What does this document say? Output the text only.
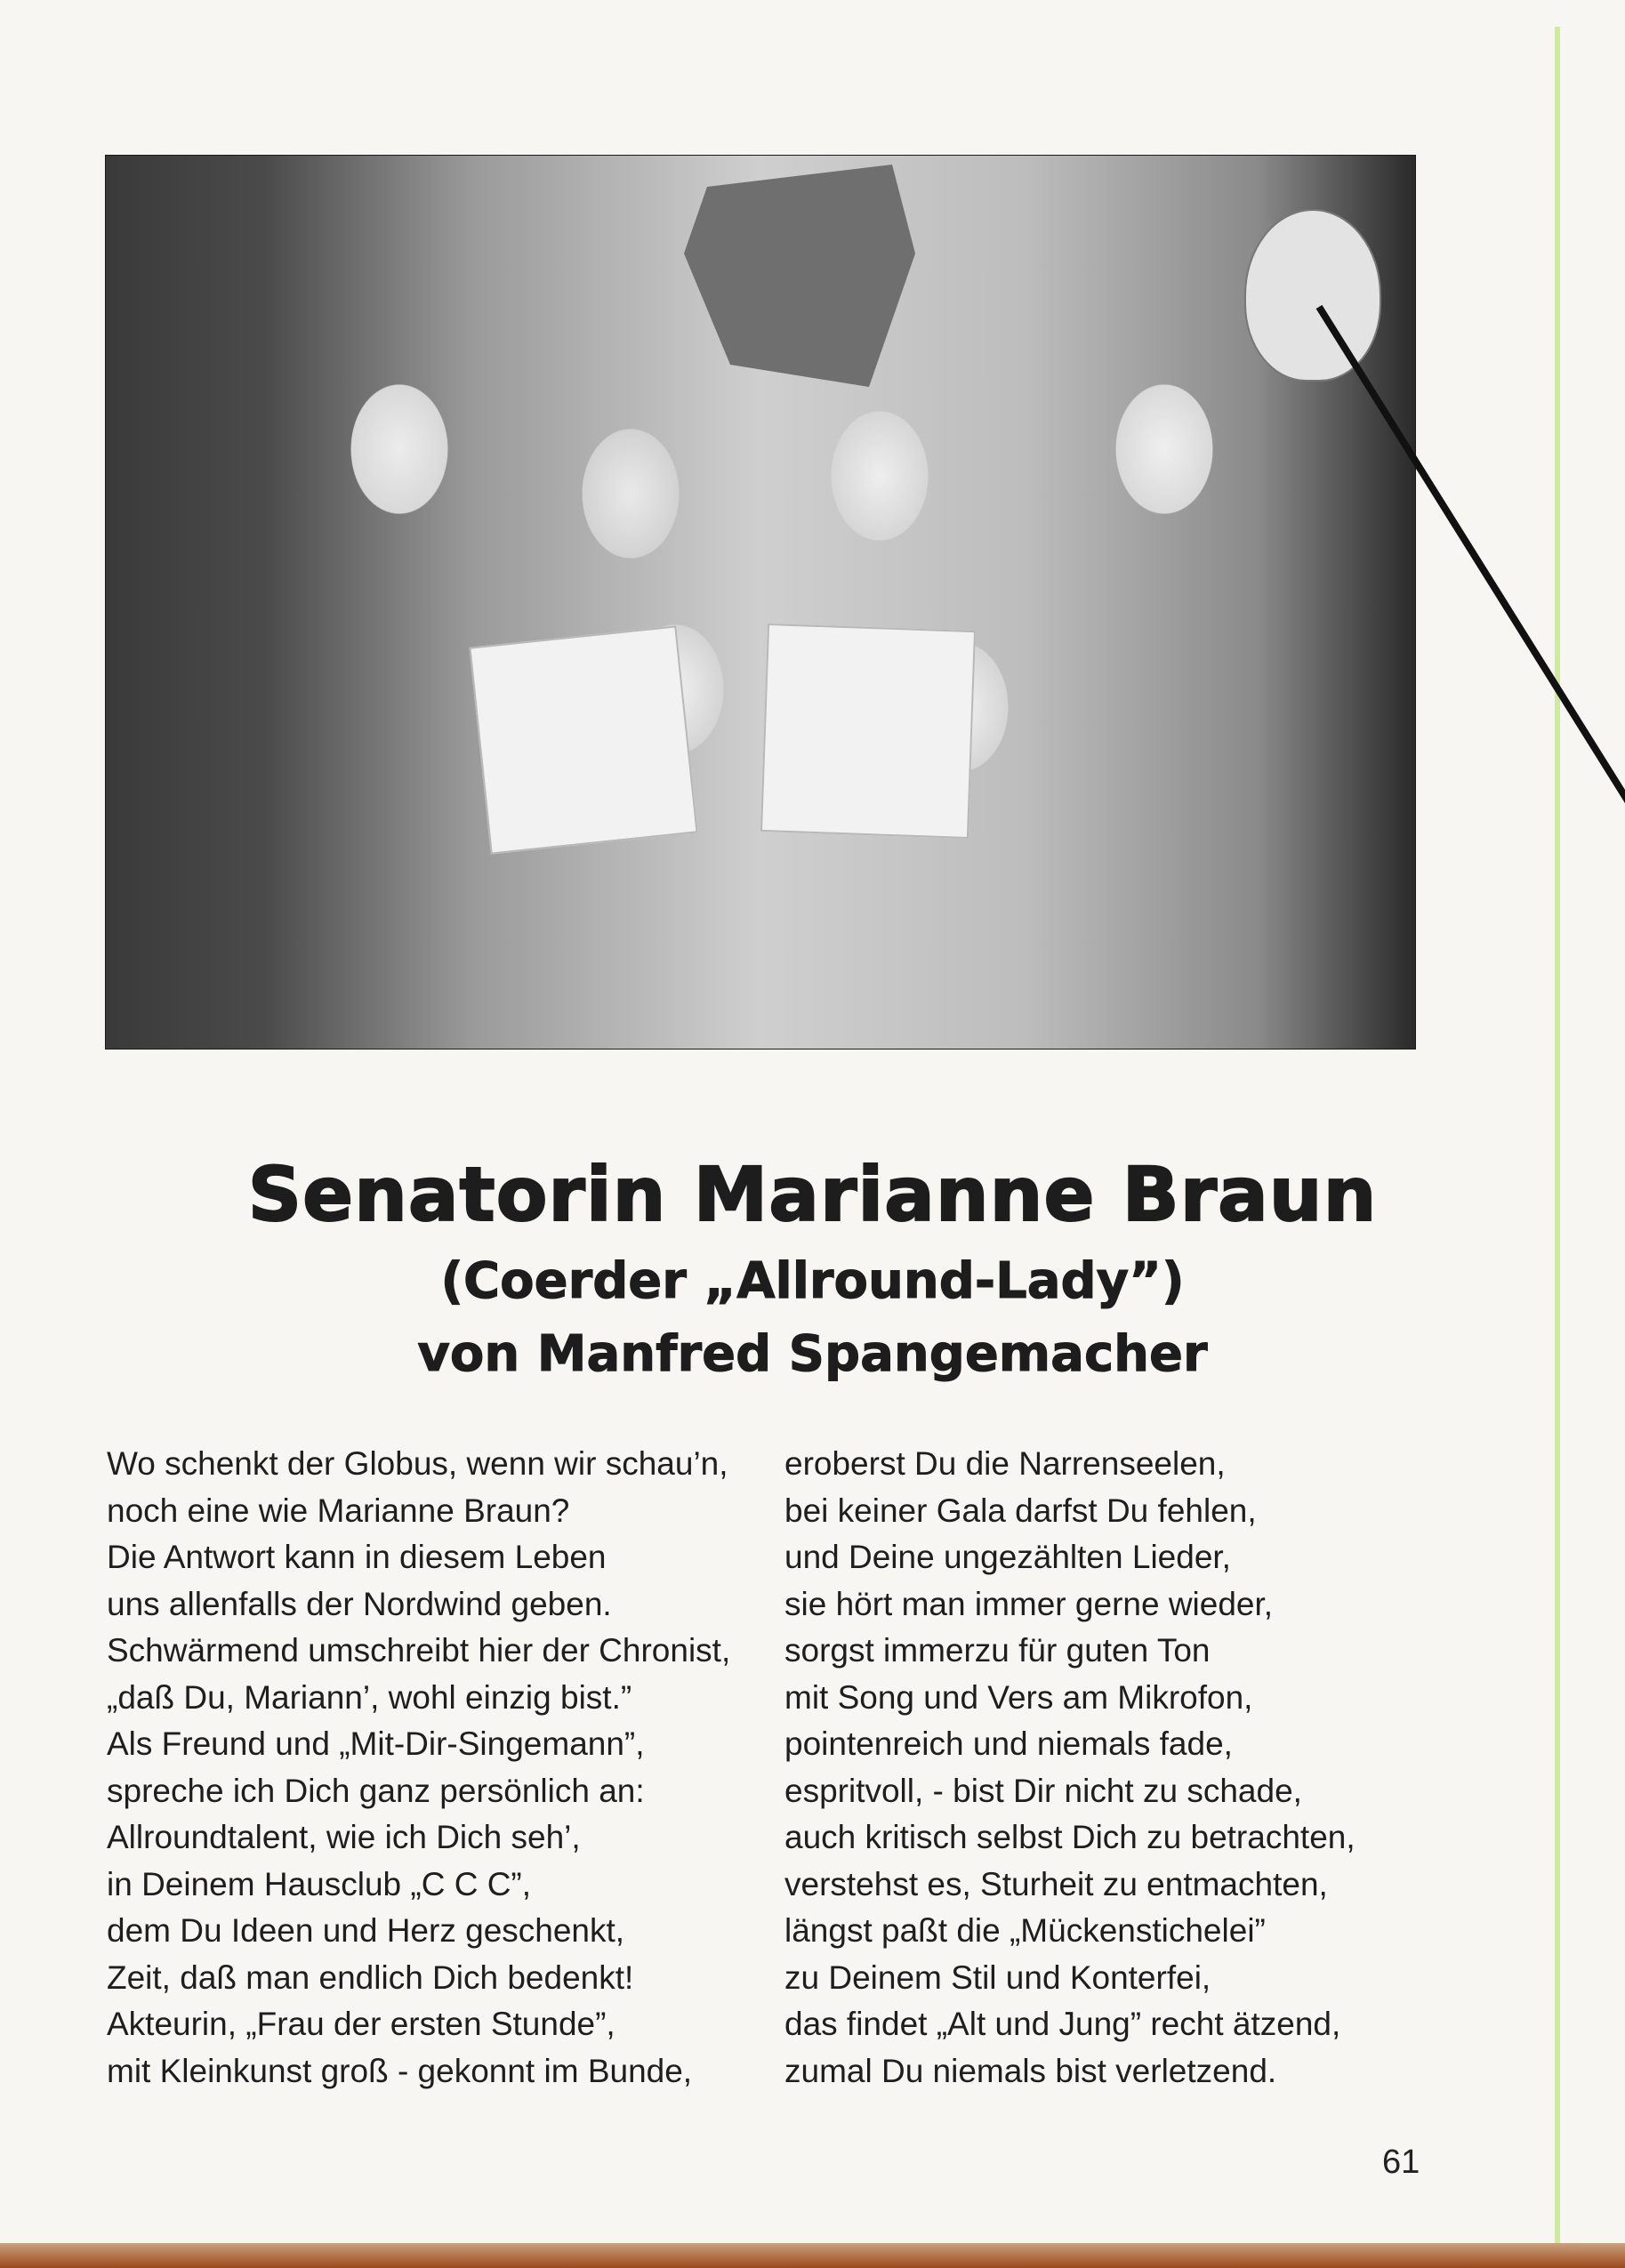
Senatorin Marianne Braun
(Coerder „Allround-Lady”)
von Manfred Spangemacher
Wo schenkt der Globus, wenn wir schau’n,
noch eine wie Marianne Braun?
Die Antwort kann in diesem Leben
uns allenfalls der Nordwind geben.
Schwärmend umschreibt hier der Chronist,
„daß Du, Mariann’, wohl einzig bist.”
Als Freund und „Mit-Dir-Singemann”,
spreche ich Dich ganz persönlich an:
Allroundtalent, wie ich Dich seh’,
in Deinem Hausclub „C C C”,
dem Du Ideen und Herz geschenkt,
Zeit, daß man endlich Dich bedenkt!
Akteurin, „Frau der ersten Stunde”,
mit Kleinkunst groß - gekonnt im Bunde,
eroberst Du die Narrenseelen,
bei keiner Gala darfst Du fehlen,
und Deine ungezählten Lieder,
sie hört man immer gerne wieder,
sorgst immerzu für guten Ton
mit Song und Vers am Mikrofon,
pointenreich und niemals fade,
espritvoll, - bist Dir nicht zu schade,
auch kritisch selbst Dich zu betrachten,
verstehst es, Sturheit zu entmachten,
längst paßt die „Mückenstichelei”
zu Deinem Stil und Konterfei,
das findet „Alt und Jung” recht ätzend,
zumal Du niemals bist verletzend.
61
